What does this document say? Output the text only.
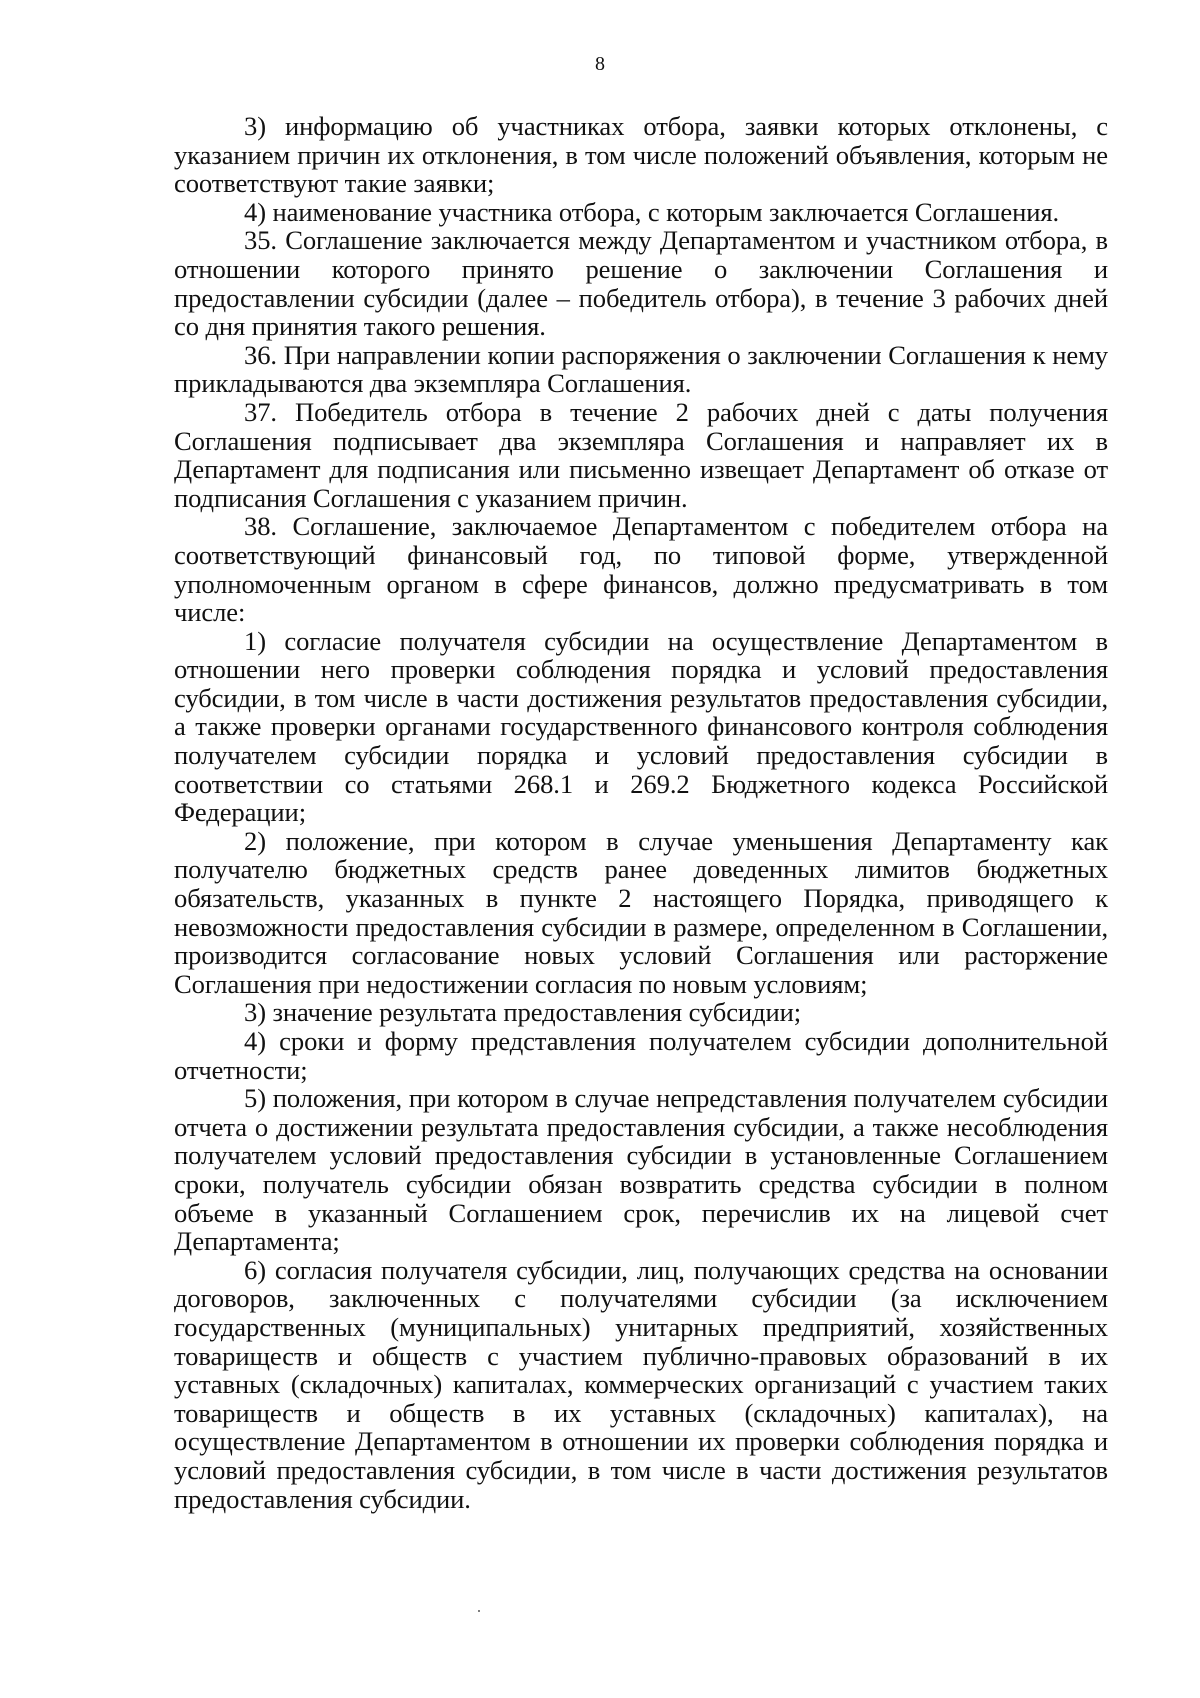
8

3) информацию об участниках отбора, заявки которых отклонены, с указанием причин их отклонения, в том числе положений объявления, которым не соответствуют такие заявки;

4) наименование участника отбора, с которым заключается Соглашения.

35. Соглашение заключается между Департаментом и участником отбора, в отношении которого принято решение о заключении Соглашения и предоставлении субсидии (далее – победитель отбора), в течение 3 рабочих дней со дня принятия такого решения.

36. При направлении копии распоряжения о заключении Соглашения к нему прикладываются два экземпляра Соглашения.

37. Победитель отбора в течение 2 рабочих дней с даты получения Соглашения подписывает два экземпляра Соглашения и направляет их в Департамент для подписания или письменно извещает Департамент об отказе от подписания Соглашения с указанием причин.

38. Соглашение, заключаемое Департаментом с победителем отбора на соответствующий финансовый год, по типовой форме, утвержденной уполномоченным органом в сфере финансов, должно предусматривать в том числе:

1) согласие получателя субсидии на осуществление Департаментом в отношении него проверки соблюдения порядка и условий предоставления субсидии, в том числе в части достижения результатов предоставления субсидии, а также проверки органами государственного финансового контроля соблюдения получателем субсидии порядка и условий предоставления субсидии в соответствии со статьями 268.1 и 269.2 Бюджетного кодекса Российской Федерации;

2) положение, при котором в случае уменьшения Департаменту как получателю бюджетных средств ранее доведенных лимитов бюджетных обязательств, указанных в пункте 2 настоящего Порядка, приводящего к невозможности предоставления субсидии в размере, определенном в Соглашении, производится согласование новых условий Соглашения или расторжение Соглашения при недостижении согласия по новым условиям;

3) значение результата предоставления субсидии;

4) сроки и форму представления получателем субсидии дополнительной отчетности;

5) положения, при котором в случае непредставления получателем субсидии отчета о достижении результата предоставления субсидии, а также несоблюдения получателем условий предоставления субсидии в установленные Соглашением сроки, получатель субсидии обязан возвратить средства субсидии в полном объеме в указанный Соглашением срок, перечислив их на лицевой счет Департамента;

6) согласия получателя субсидии, лиц, получающих средства на основании договоров, заключенных с получателями субсидии (за исключением государственных (муниципальных) унитарных предприятий, хозяйственных товариществ и обществ с участием публично-правовых образований в их уставных (складочных) капиталах, коммерческих организаций с участием таких товариществ и обществ в их уставных (складочных) капиталах), на осуществление Департаментом в отношении их проверки соблюдения порядка и условий предоставления субсидии, в том числе в части достижения результатов предоставления субсидии.
